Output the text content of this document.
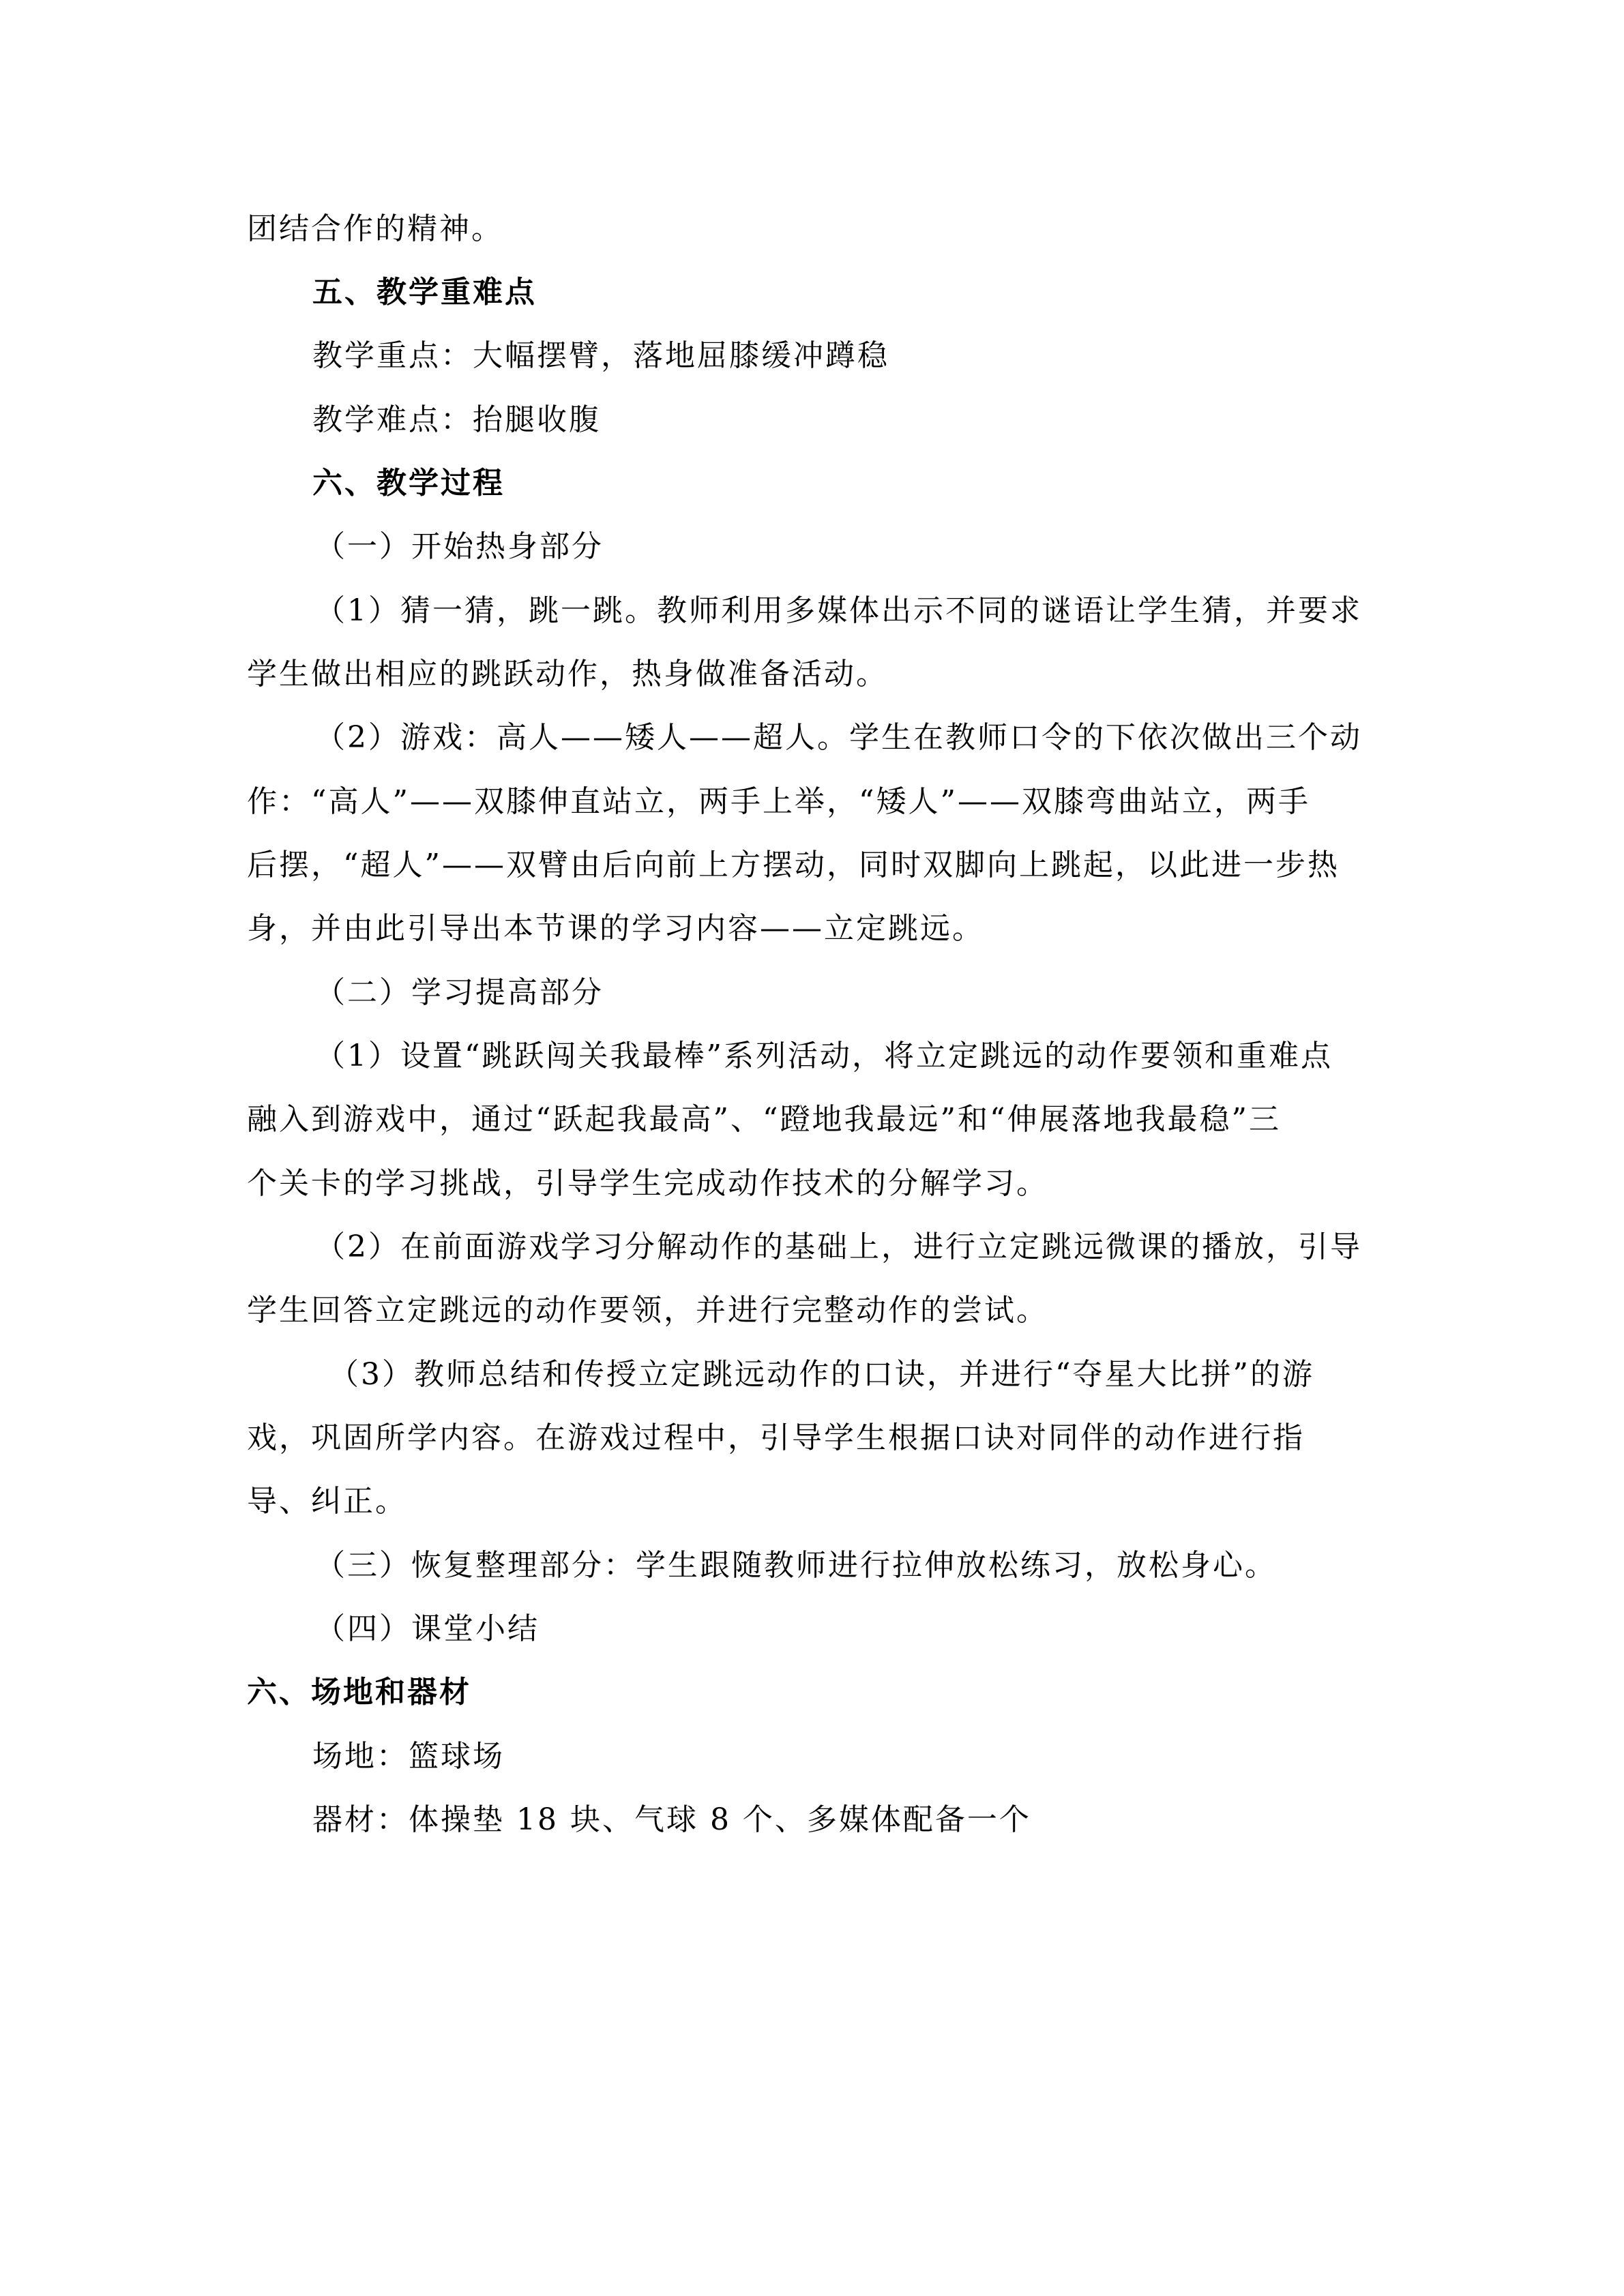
团结合作的精神。
五、教学重难点
教学重点：大幅摆臂，落地屈膝缓冲蹲稳
教学难点：抬腿收腹
六、教学过程
（一）开始热身部分
（1）猜一猜，跳一跳。教师利用多媒体出示不同的谜语让学生猜，并要求
学生做出相应的跳跃动作，热身做准备活动。
（2）游戏：高人——矮人——超人。学生在教师口令的下依次做出三个动
作：“高人”——双膝伸直站立，两手上举，“矮人”——双膝弯曲站立，两手
后摆，“超人”——双臂由后向前上方摆动，同时双脚向上跳起，以此进一步热
身，并由此引导出本节课的学习内容——立定跳远。
（二）学习提高部分
（1）设置“跳跃闯关我最棒”系列活动，将立定跳远的动作要领和重难点
融入到游戏中，通过“跃起我最高”、“蹬地我最远”和“伸展落地我最稳”三
个关卡的学习挑战，引导学生完成动作技术的分解学习。
（2）在前面游戏学习分解动作的基础上，进行立定跳远微课的播放，引导
学生回答立定跳远的动作要领，并进行完整动作的尝试。
（3）教师总结和传授立定跳远动作的口诀，并进行“夺星大比拼”的游
戏，巩固所学内容。在游戏过程中，引导学生根据口诀对同伴的动作进行指
导、纠正。
（三）恢复整理部分：学生跟随教师进行拉伸放松练习，放松身心。
（四）课堂小结
六、场地和器材
场地：篮球场
器材：体操垫 18 块、气球 8 个、多媒体配备一个
